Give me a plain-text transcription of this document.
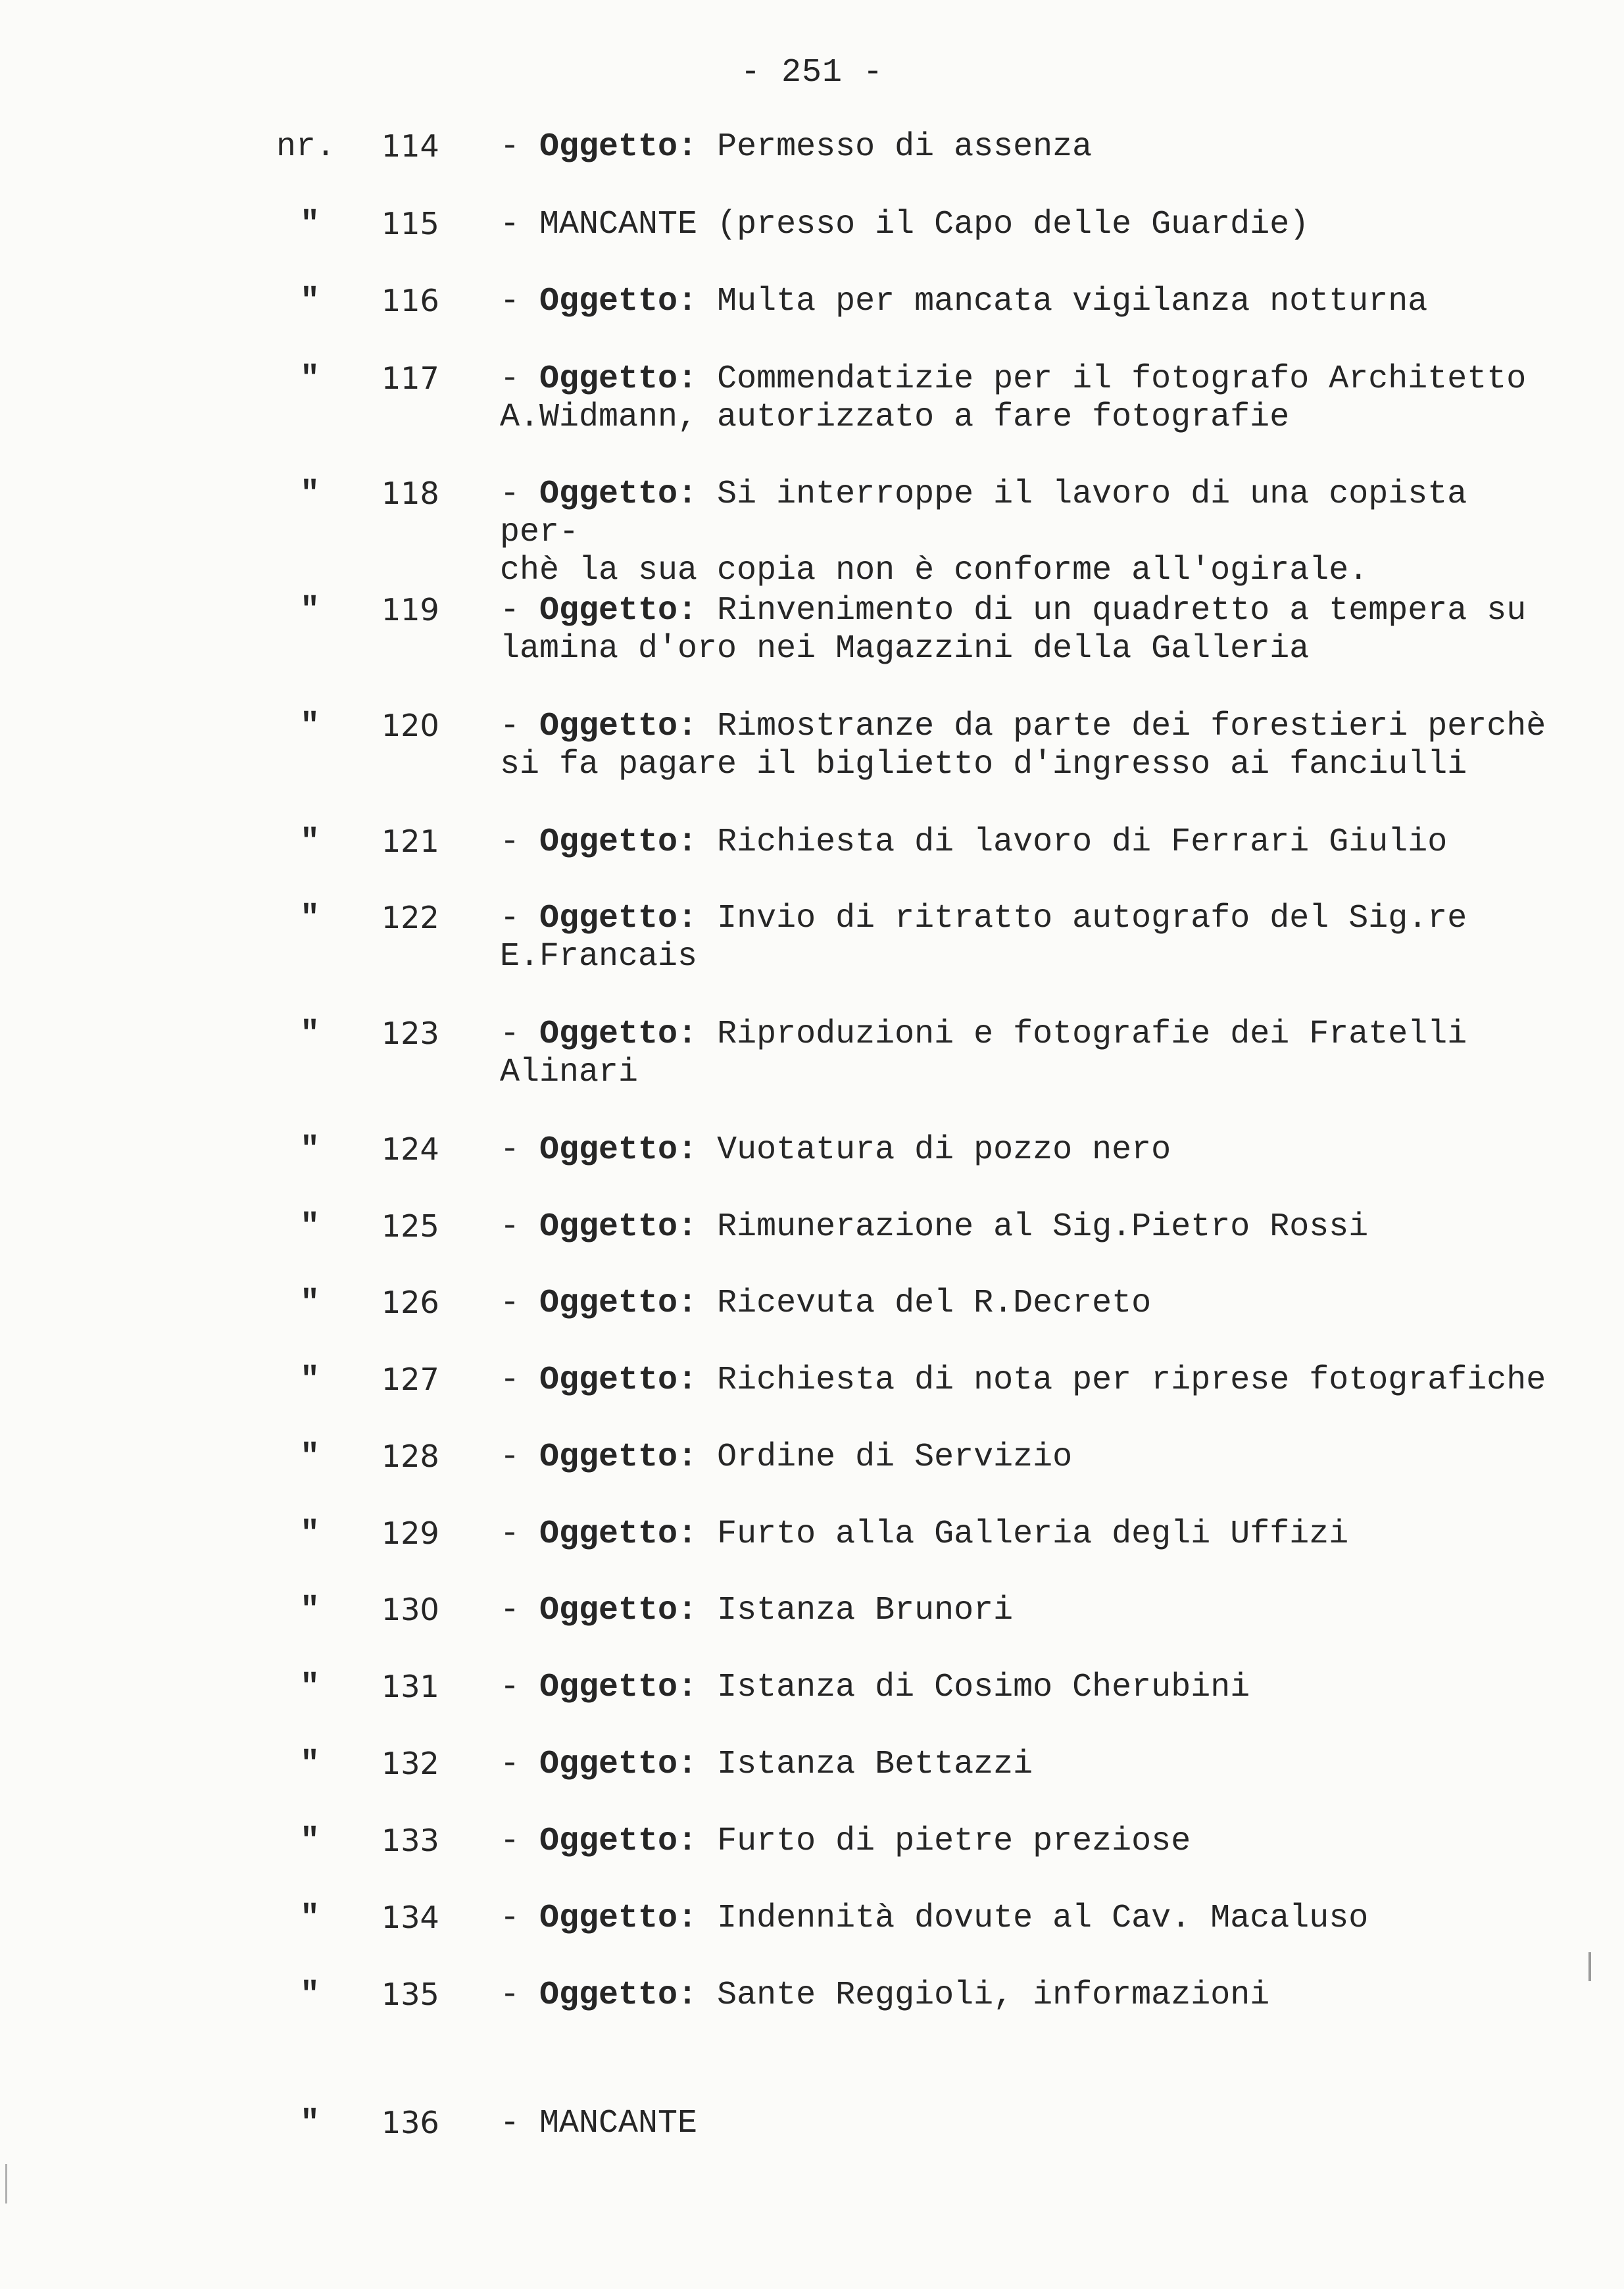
- 251 -
nr.	114 - Oggetto: Permesso di assenza
" 115 - MANCANTE (presso il Capo delle Guardie)
" 116 - Oggetto: Multa per mancata vigilanza notturna
" 117 - Oggetto: Commendatizie per il fotografo Architetto
A.Widmann, autorizzato a fare fotografie
" 118 - Oggetto: Si interroppe il lavoro di una copista per-
chè la sua copia non è conforme all'ogirale.
" 119 - Oggetto: Rinvenimento di un quadretto a tempera su
lamina d'oro nei Magazzini della Galleria
" 120 - Oggetto: Rimostranze da parte dei forestieri perchè
si fa pagare il biglietto d'ingresso ai fanciulli
" 121 - Oggetto: Richiesta di lavoro di Ferrari Giulio
" 122 - Oggetto: Invio di ritratto autografo del Sig.re
E.Francais
" 123 - Oggetto: Riproduzioni e fotografie dei Fratelli
Alinari
" 124 - Oggetto: Vuotatura di pozzo nero
" 125 - Oggetto: Rimunerazione al Sig.Pietro Rossi
" 126 - Oggetto: Ricevuta del R.Decreto
" 127 - Oggetto: Richiesta di nota per riprese fotografiche
" 128 - Oggetto: Ordine di Servizio
" 129 - Oggetto: Furto alla Galleria degli Uffizi
" 130 - Oggetto: Istanza Brunori
" 131 - Oggetto: Istanza di Cosimo Cherubini
" 132 - Oggetto: Istanza Bettazzi
" 133 - Oggetto: Furto di pietre preziose
" 134 - Oggetto: Indennità dovute al Cav. Macaluso
" 135 - Oggetto: Sante Reggioli, informazioni
" 136 - MANCANTE
